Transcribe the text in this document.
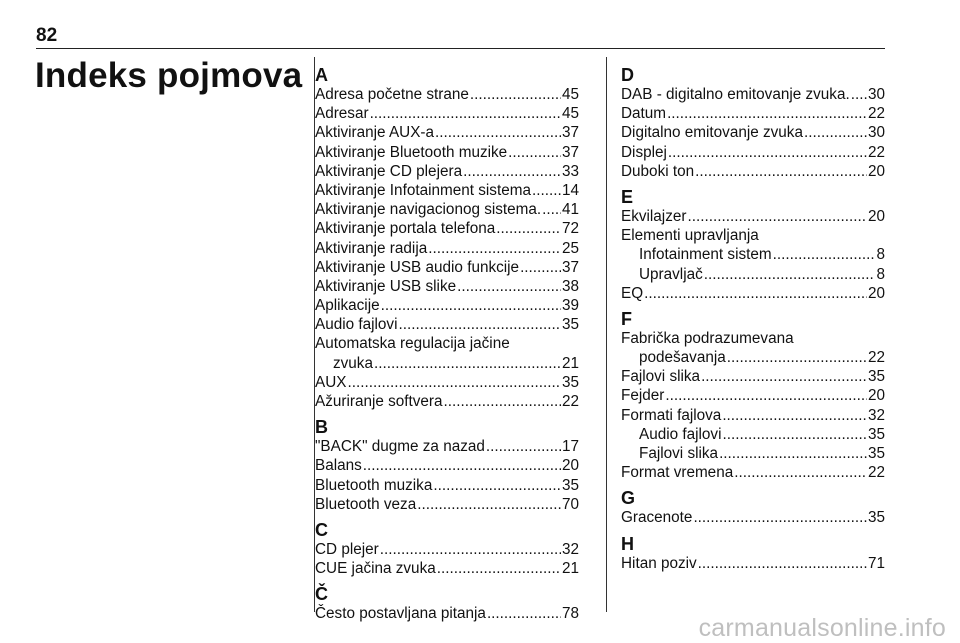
82
Indeks pojmova A
Adresa početne strane .....	45
Adresar .....	45
Aktiviranje AUX-a .....	37
Aktiviranje Bluetooth muzike .....	37
Aktiviranje CD plejera .....	33
Aktiviranje Infotainment sistema ..... 14
Aktiviranje navigacionog sistema. ..... 41
Aktiviranje portala telefona .....	72
Aktiviranje radija .....	25
Aktiviranje USB audio funkcije .....	37
Aktiviranje USB slike .....	38
Aplikacije .....	39
Audio fajlovi .....	35
Automatska regulacija jačine
zvuka .....	21
AUX .....	35
Ažuriranje softvera .....	22
B
"BACK" dugme za nazad .....	17
Balans .....	20
Bluetooth muzika .....	35
Bluetooth veza .....	70
C
CD plejer .....	32
CUE jačina zvuka .....	21
Č
Često postavljana pitanja .....	78
D
DAB - digitalno emitovanje zvuka. ..... 30
Datum .....	22
Digitalno emitovanje zvuka .....	30
Displej .....	22
Duboki ton .....	20
E
Ekvilajzer .....	20
Elementi upravljanja
Infotainment sistem .....	8
Upravljač .....	8
EQ .....	20
F
Fabrička podrazumevana
podešavanja .....	22
Fajlovi slika .....	35
Fejder .....	20
Formati fajlova .....	32
Audio fajlovi .....	35
Fajlovi slika .....	35
Format vremena .....	22
G
Gracenote .....	35
H
Hitan poziv .....	71
carmanualsonline.info
